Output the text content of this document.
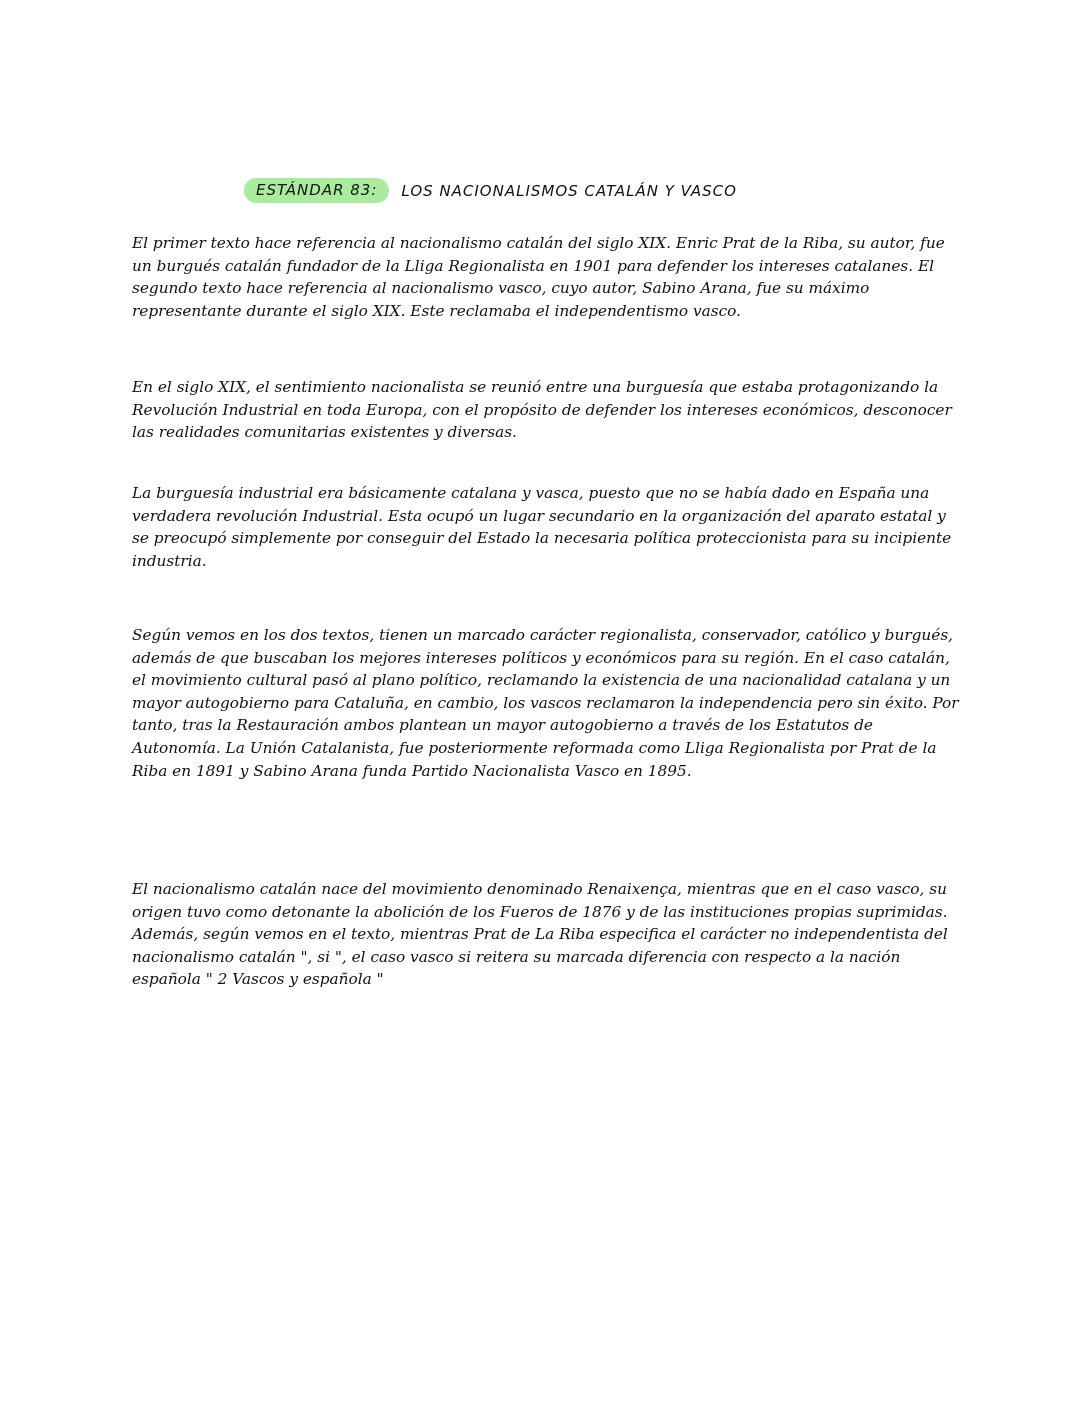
ESTÁNDAR 83:	LOS NACIONALISMOS CATALÁN Y VASCO

El primer texto hace referencia al nacionalismo catalán del siglo XIX. Enric Prat de la Riba, su autor, fue un burgués catalán fundador de la Lliga Regionalista en 1901 para defender los intereses catalanes. El segundo texto hace referencia al nacionalismo vasco, cuyo autor, Sabino Arana, fue su máximo representante durante el siglo XIX. Este reclamaba el independentismo vasco.

En el siglo XIX, el sentimiento nacionalista se reunió entre una burguesía que estaba protagonizando la Revolución Industrial en toda Europa, con el propósito de defender los intereses económicos, desconocer las realidades comunitarias existentes y diversas.

La burguesía industrial era básicamente catalana y vasca, puesto que no se había dado en España una verdadera revolución Industrial. Esta ocupó un lugar secundario en la organización del aparato estatal y se preocupó simplemente por conseguir del Estado la necesaria política proteccionista para su incipiente industria.

Según vemos en los dos textos, tienen un marcado carácter regionalista, conservador, católico y burgués, además de que buscaban los mejores intereses políticos y económicos para su región. En el caso catalán, el movimiento cultural pasó al plano político, reclamando la existencia de una nacionalidad catalana y un mayor autogobierno para Cataluña, en cambio, los vascos reclamaron la independencia pero sin éxito. Por tanto, tras la Restauración ambos plantean un mayor autogobierno a través de los Estatutos de Autonomía. La Unión Catalanista, fue posteriormente reformada como Lliga Regionalista por Prat de la Riba en 1891 y Sabino Arana funda Partido Nacionalista Vasco en 1895.

El nacionalismo catalán nace del movimiento denominado Renaixença, mientras que en el caso vasco, su origen tuvo como detonante la abolición de los Fueros de 1876 y de las instituciones propias suprimidas. Además, según vemos en el texto, mientras Prat de La Riba especifica el carácter no independentista del nacionalismo catalán ", si ", el caso vasco si reitera su marcada diferencia con respecto a la nación española " 2 Vascos y española "
